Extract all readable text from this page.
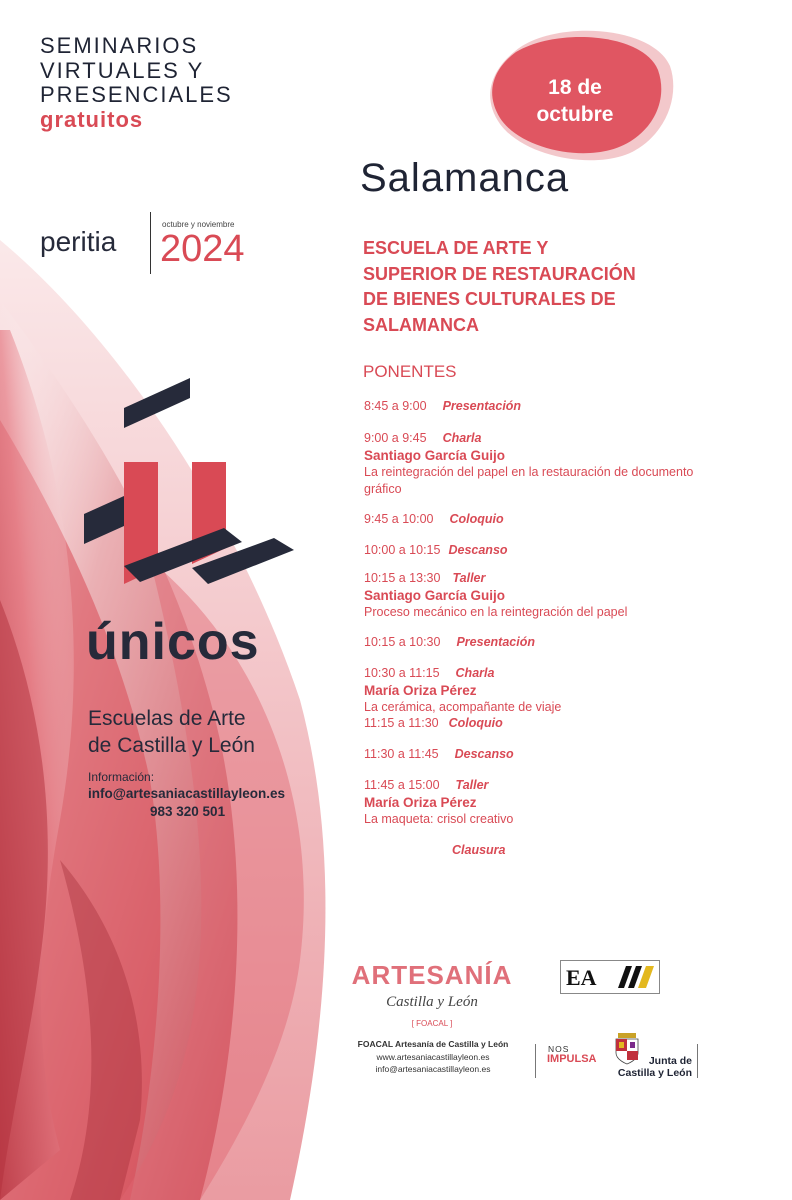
SEMINARIOS
VIRTUALES Y
PRESENCIALES
gratuitos
peritia
octubre y noviembre
2024
18 de
octubre
Salamanca
ESCUELA DE ARTE Y
SUPERIOR DE RESTAURACIÓN
DE BIENES CULTURALES DE
SALAMANCA
PONENTES
8:45 a 9:00 Presentación
9:00 a 9:45 Charla
Santiago García Guijo
La reintegración del papel en la restauración de documento gráfico
9:45 a 10:00 Coloquio
10:00 a 10:15 Descanso
10:15 a 13:30 Taller
Santiago García Guijo
Proceso mecánico en la reintegración del papel
10:15 a 10:30 Presentación
10:30 a 11:15 Charla
María Oriza Pérez
La cerámica, acompañante de viaje
11:15 a 11:30 Coloquio
11:30 a 11:45 Descanso
11:45 a 15:00 Taller
María Oriza Pérez
La maqueta: crisol creativo
Clausura
únicos
Escuelas de Arte
de Castilla y León
Información:
info@artesaniacastillayleon.es
983 320 501
ARTESANÍA
Castilla y León
[ FOACAL ]
FOACAL Artesanía de Castilla y León
www.artesaniacastillayleon.es
info@artesaniacastillayleon.es
EA
NOS
IMPULSA	Junta de
Castilla y León
